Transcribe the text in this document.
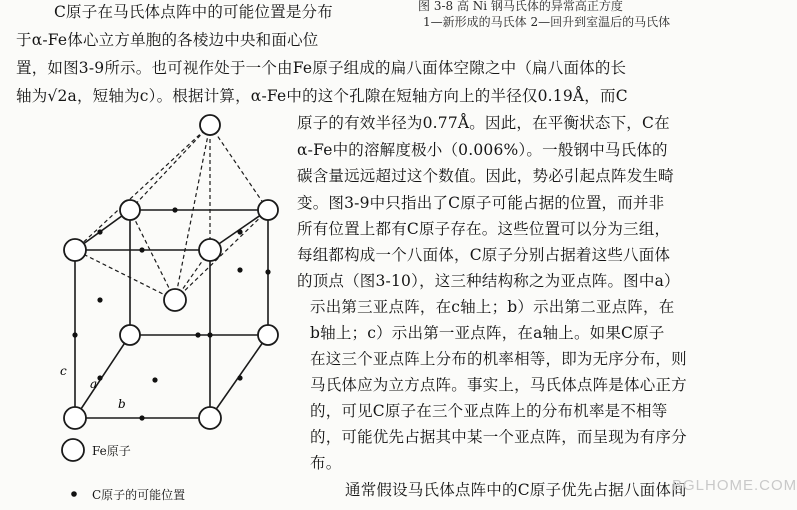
图 3-8 高 Ni 钢马氏体的异常高正方度
1—新形成的马氏体 2—回升到室温后的马氏体
C原子在马氏体点阵中的可能位置是分布
于α-Fe体心立方单胞的各棱边中央和面心位
置，如图3-9所示。也可视作处于一个由Fe原子组成的扁八面体空隙之中（扁八面体的长
轴为√2a，短轴为c）。根据计算，α-Fe中的这个孔隙在短轴方向上的半径仅0.19Å，而C
原子的有效半径为0.77Å。因此，在平衡状态下，C在
α-Fe中的溶解度极小（0.006%）。一般钢中马氏体的
碳含量远远超过这个数值。因此，势必引起点阵发生畸
变。图3-9中只指出了C原子可能占据的位置，而并非
所有位置上都有C原子存在。这些位置可以分为三组，
每组都构成一个八面体，C原子分别占据着这些八面体
的顶点（图3-10），这三种结构称之为亚点阵。图中a）
示出第三亚点阵，在c轴上；b）示出第二亚点阵，在
b轴上；c）示出第一亚点阵，在a轴上。如果C原子
在这三个亚点阵上分布的机率相等，即为无序分布，则
马氏体应为立方点阵。事实上，马氏体点阵是体心正方
的，可见C原子在三个亚点阵上的分布机率是不相等
的，可能优先占据其中某一个亚点阵，而呈现为有序分
布。
通常假设马氏体点阵中的C原子优先占据八面体间
BGLHOME.COM
c
a
b
Fe原子
C原子的可能位置
